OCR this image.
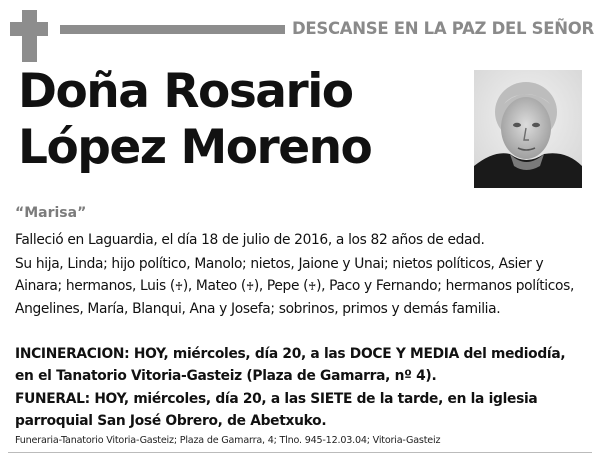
DESCANSE EN LA PAZ DEL SEÑOR
Doña Rosario
López Moreno
“Marisa”

Falleció en Laguardia, el día 18 de julio de 2016, a los 82 años de edad.

Su hija, Linda; hijo político, Manolo; nietos, Jaione y Unai; nietos políticos, Asier y Ainara; hermanos, Luis (♰), Mateo (♰), Pepe (♰), Paco y Fernando; hermanos políticos, Angelines, María, Blanqui, Ana y Josefa; sobrinos, primos y demás familia.

INCINERACION: HOY, miércoles, día 20, a las DOCE Y MEDIA del mediodía, en el Tanatorio Vitoria-Gasteiz (Plaza de Gamarra, nº 4).

FUNERAL: HOY, miércoles, día 20, a las SIETE de la tarde, en la iglesia parroquial San José Obrero, de Abetxuko.

Funeraria-Tanatorio Vitoria-Gasteiz; Plaza de Gamarra, 4; Tlno. 945-12.03.04; Vitoria-Gasteiz
